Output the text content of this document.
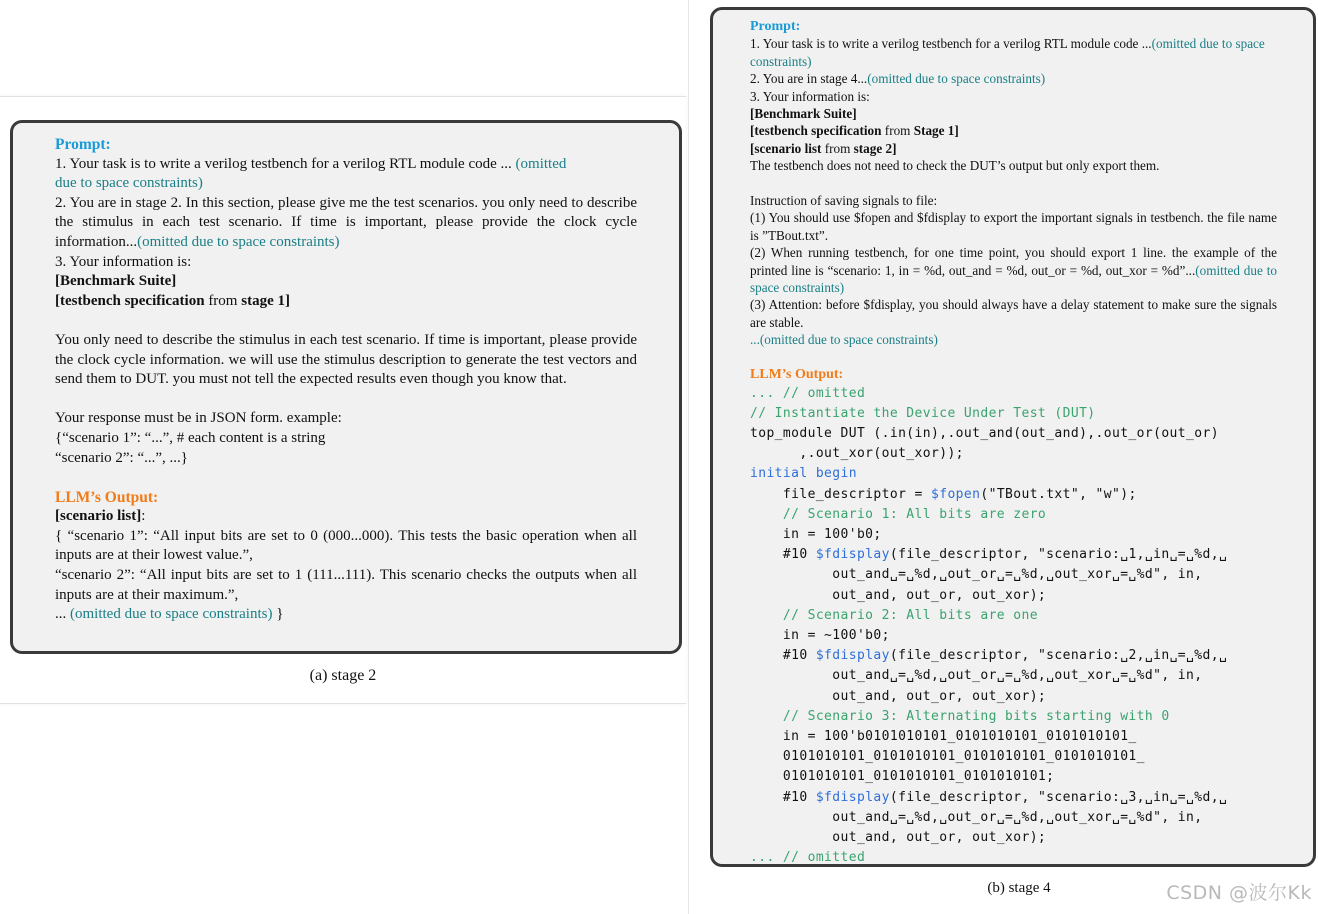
Prompt:
1. Your task is to write a verilog testbench for a verilog RTL module code ... (omitted
due to space constraints)
2. You are in stage 2. In this section, please give me the test scenarios. you only need to describe the stimulus in each test scenario. If time is important, please provide the clock cycle information...(omitted due to space constraints)
3. Your information is:
[Benchmark Suite]
[testbench specification from stage 1]
You only need to describe the stimulus in each test scenario. If time is important, please provide the clock cycle information. we will use the stimulus description to generate the test vectors and send them to DUT. you must not tell the expected results even though you know that.
Your response must be in JSON form. example:
{“scenario 1”: “...”, # each content is a string
“scenario 2”: “...”, ...}
LLM’s Output:
[scenario list]:
{ “scenario 1”: “All input bits are set to 0 (000...000). This tests the basic operation when all inputs are at their lowest value.”,
“scenario 2”: “All input bits are set to 1 (111...111). This scenario checks the outputs when all inputs are at their maximum.”,
... (omitted due to space constraints) }
(a) stage 2
Prompt:
1. Your task is to write a verilog testbench for a verilog RTL module code ...(omitted due to space constraints)
2. You are in stage 4...(omitted due to space constraints)
3. Your information is:
[Benchmark Suite]
[testbench specification from Stage 1]
[scenario list from stage 2]
The testbench does not need to check the DUT’s output but only export them.
Instruction of saving signals to file:
(1) You should use $fopen and $fdisplay to export the important signals in testbench. the file name is ”TBout.txt”.
(2) When running testbench, for one time point, you should export 1 line. the example of the printed line is “scenario: 1, in = %d, out_and = %d, out_or = %d, out_xor = %d”...(omitted due to space constraints)
(3) Attention: before $fdisplay, you should always have a delay statement to make sure the signals are stable.
...(omitted due to space constraints)
LLM’s Output:
... // omitted
// Instantiate the Device Under Test (DUT)
top_module DUT (.in(in),.out_and(out_and),.out_or(out_or)
,.out_xor(out_xor));
initial begin
file_descriptor = $fopen("TBout.txt", "w");
// Scenario 1: All bits are zero
in = 100'b0;
#10 $fdisplay(file_descriptor, "scenario:␣1,␣in␣=␣%d,␣
out_and␣=␣%d,␣out_or␣=␣%d,␣out_xor␣=␣%d", in,
out_and, out_or, out_xor);
// Scenario 2: All bits are one
in = ~100'b0;
#10 $fdisplay(file_descriptor, "scenario:␣2,␣in␣=␣%d,␣
out_and␣=␣%d,␣out_or␣=␣%d,␣out_xor␣=␣%d", in,
out_and, out_or, out_xor);
// Scenario 3: Alternating bits starting with 0
in = 100'b0101010101_0101010101_0101010101_
0101010101_0101010101_0101010101_0101010101_
0101010101_0101010101_0101010101;
#10 $fdisplay(file_descriptor, "scenario:␣3,␣in␣=␣%d,␣
out_and␣=␣%d,␣out_or␣=␣%d,␣out_xor␣=␣%d", in,
out_and, out_or, out_xor);
... // omitted
(b) stage 4	CSDN @波尔Kk
